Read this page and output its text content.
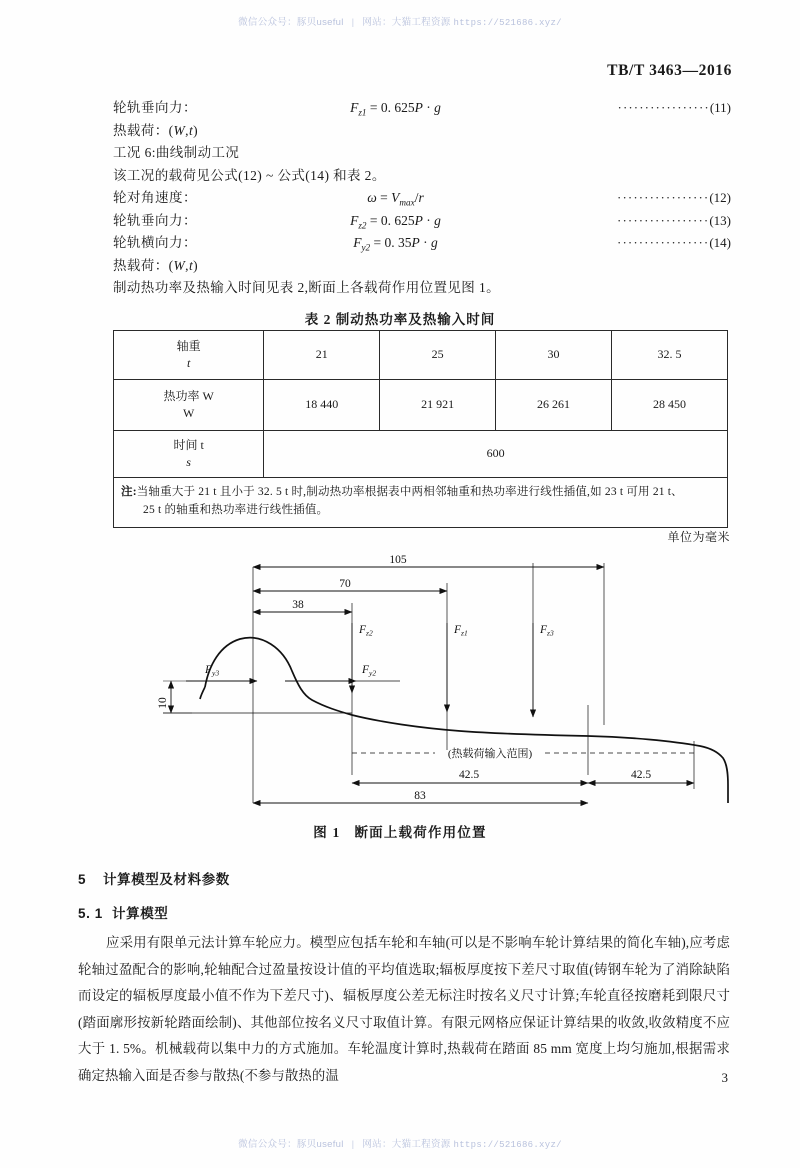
微信公众号：豚贝useful | 网站：大猫工程资源 https://521686.xyz/
TB/T 3463—2016
轮轨垂向力：	$F_{z1} = 0$. 625P · g	·················(11)
热载荷：(W,t)
工况 6:曲线制动工况
该工况的载荷见公式(12) ~ 公式(14) 和表 2。
轮对角速度：	$\omega = V_{max}/r$	·················(12)
轮轨垂向力：	$F_{z2} = 0$. 625P · g	·················(13)
轮轨横向力：	$F_{y2} = 0$. 35P · g	·················(14)
热载荷：(W,t)
制动热功率及热输入时间见表 2,断面上各载荷作用位置见图 1。
表 2 制动热功率及热输入时间
轴重
t	21	25	30	32. 5
热功率 W
W	18 440	21 921	26 261	28 450
时间 t
s	600			
注:当轴重大于 21 t 且小于 32. 5 t 时,制动热功率根据表中两相邻轴重和热功率进行线性插值,如 23 t 可用 21 t、
25 t 的轴重和热功率进行线性插值。				
单位为毫米
105
70
38
42.5	42.5
83
10
$F_{z2}$	$F_{z1}$	$F_{z3}$
$F_{y3}$	$F_{y2}$
(热载荷输入范围)
图 1 断面上载荷作用位置
5 计算模型及材料参数
5. 1 计算模型
应采用有限单元法计算车轮应力。模型应包括车轮和车轴(可以是不影响车轮计算结果的简化车轴),应考虑轮轴过盈配合的影响,轮轴配合过盈量按设计值的平均值选取;辐板厚度按下差尺寸取值(铸钢车轮为了消除缺陷而设定的辐板厚度最小值不作为下差尺寸)、辐板厚度公差无标注时按名义尺寸计算;车轮直径按磨耗到限尺寸(踏面廓形按新轮踏面绘制)、其他部位按名义尺寸取值计算。有限元网格应保证计算结果的收敛,收敛精度不应大于 1. 5%。机械载荷以集中力的方式施加。车轮温度计算时,热载荷在踏面 85 mm 宽度上均匀施加,根据需求确定热输入面是否参与散热(不参与散热的温	3
微信公众号：豚贝useful | 网站：大猫工程资源 https://521686.xyz/
